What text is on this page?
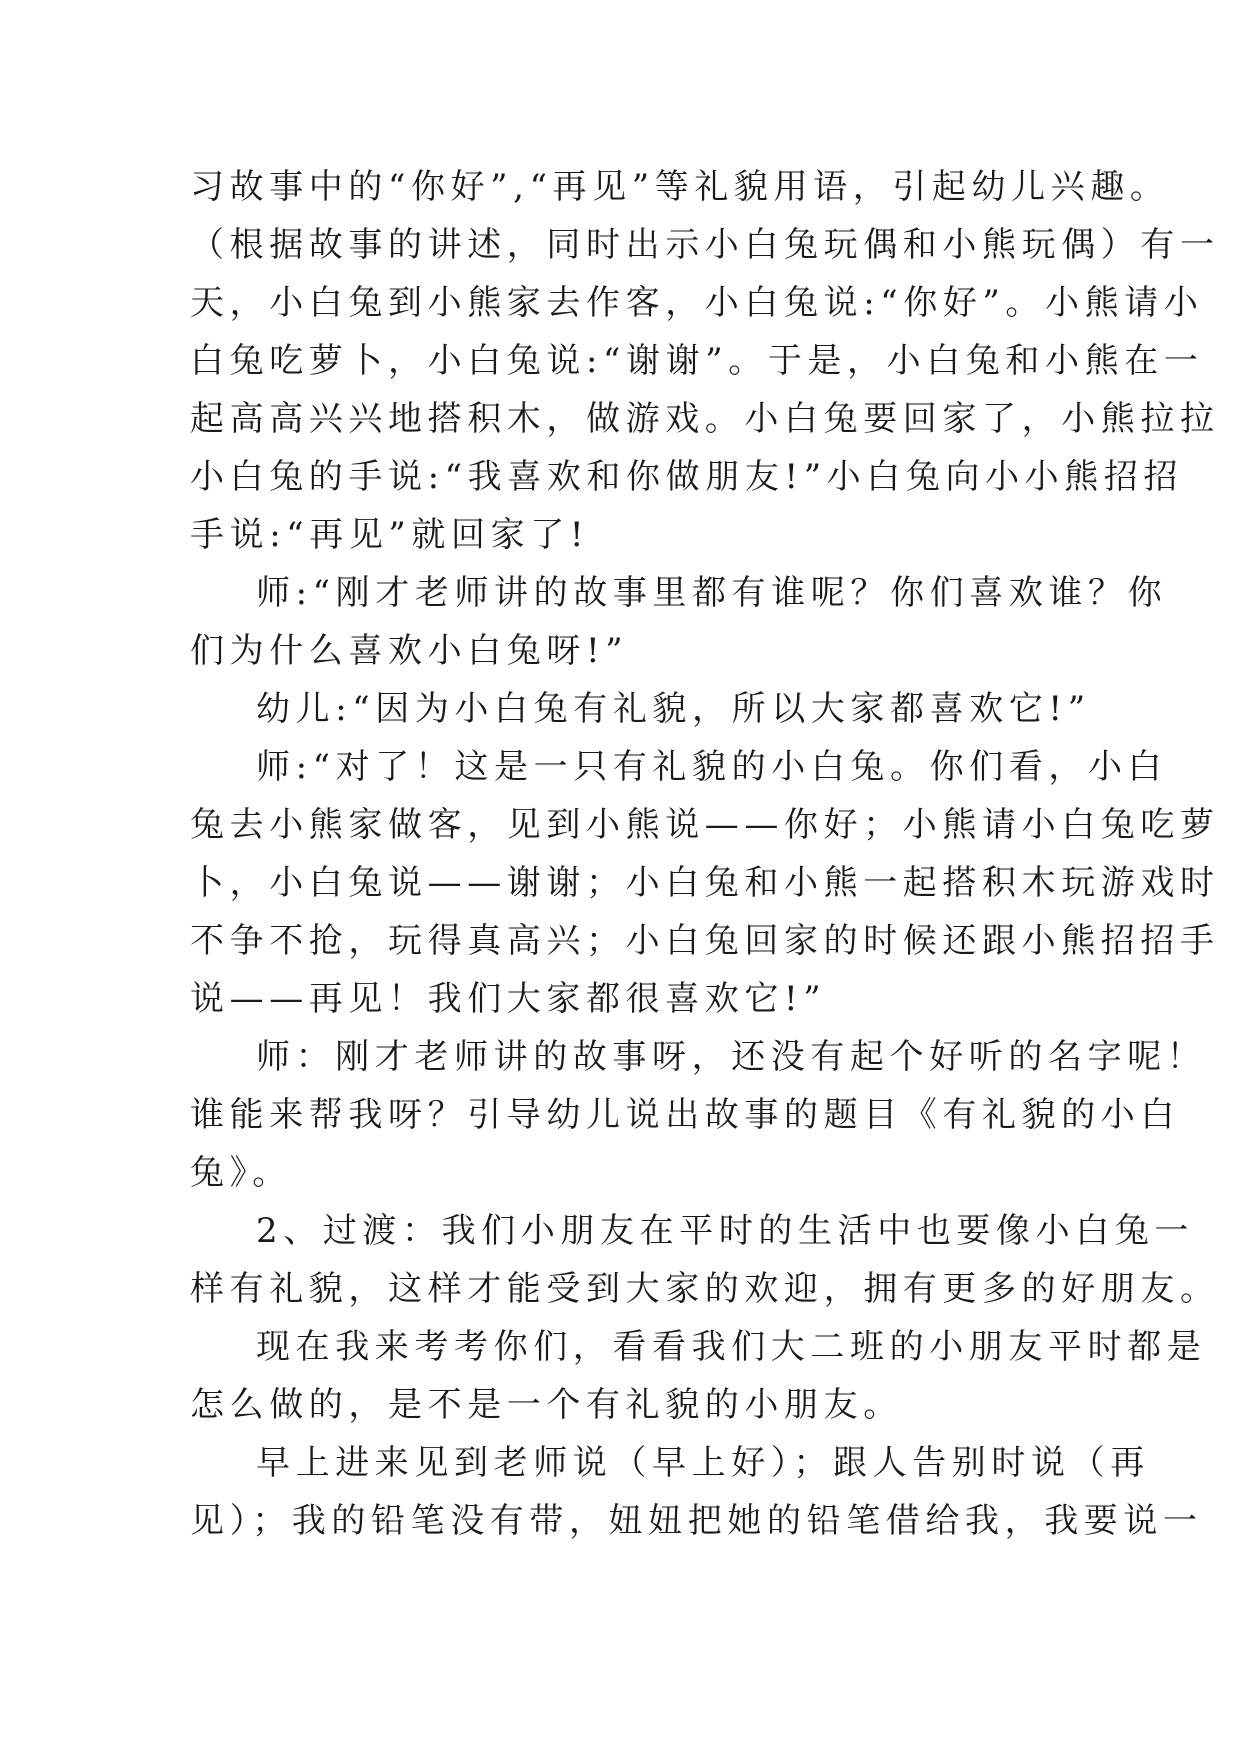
习故事中的“你好”,“再见”等礼貌用语，引起幼儿兴趣。
（根据故事的讲述，同时出示小白兔玩偶和小熊玩偶）有一
天，小白兔到小熊家去作客，小白兔说:“你好”。小熊请小
白兔吃萝卜，小白兔说:“谢谢”。于是，小白兔和小熊在一
起高高兴兴地搭积木，做游戏。小白兔要回家了，小熊拉拉
小白兔的手说:“我喜欢和你做朋友!”小白兔向小小熊招招
手说:“再见”就回家了!
师:“刚才老师讲的故事里都有谁呢？你们喜欢谁？你
们为什么喜欢小白兔呀!”
幼儿:“因为小白兔有礼貌，所以大家都喜欢它!”
师:“对了！这是一只有礼貌的小白兔。你们看，小白
兔去小熊家做客，见到小熊说——你好；小熊请小白兔吃萝
卜，小白兔说——谢谢；小白兔和小熊一起搭积木玩游戏时
不争不抢，玩得真高兴；小白兔回家的时候还跟小熊招招手
说——再见！我们大家都很喜欢它!”
师：刚才老师讲的故事呀，还没有起个好听的名字呢！
谁能来帮我呀？引导幼儿说出故事的题目《有礼貌的小白
兔》。
2、过渡：我们小朋友在平时的生活中也要像小白兔一
样有礼貌，这样才能受到大家的欢迎，拥有更多的好朋友。
现在我来考考你们，看看我们大二班的小朋友平时都是
怎么做的，是不是一个有礼貌的小朋友。
早上进来见到老师说（早上好）；跟人告别时说（再
见）；我的铅笔没有带，妞妞把她的铅笔借给我，我要说一
